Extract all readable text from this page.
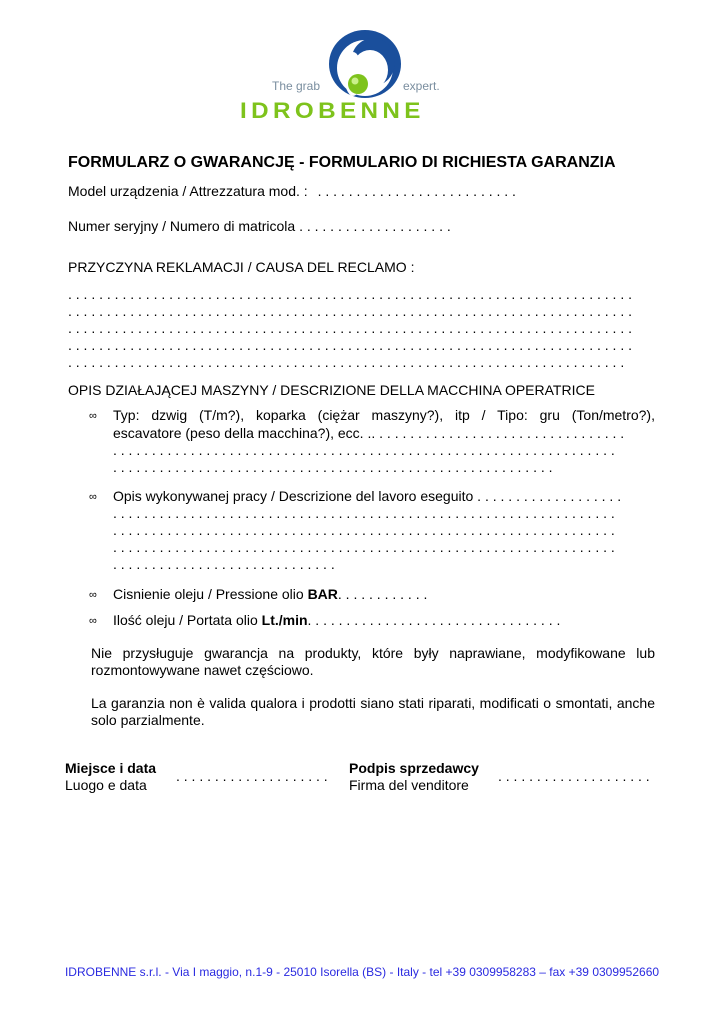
The grab	expert.
IDROBENNE
FORMULARZ O GWARANCJĘ - FORMULARIO DI RICHIESTA GARANZIA
Model urządzenia / Attrezzatura mod. : . . . . . . . . . . . . . . . . . . . . . . . . . .
Numer seryjny / Numero di matricola . . . . . . . . . . . . . . . . . . . .
PRZYCZYNA REKLAMACJI / CAUSA DEL RECLAMO :
. . . . . . . . . . . . . . . . . . . . . . . . . . . . . . . . . . . . . . . . . . . . . . . . . . . . . . . . . . . . . . . . . . . . . . . . .
. . . . . . . . . . . . . . . . . . . . . . . . . . . . . . . . . . . . . . . . . . . . . . . . . . . . . . . . . . . . . . . . . . . . . . . . .
. . . . . . . . . . . . . . . . . . . . . . . . . . . . . . . . . . . . . . . . . . . . . . . . . . . . . . . . . . . . . . . . . . . . . . . . .
. . . . . . . . . . . . . . . . . . . . . . . . . . . . . . . . . . . . . . . . . . . . . . . . . . . . . . . . . . . . . . . . . . . . . . . . .
. . . . . . . . . . . . . . . . . . . . . . . . . . . . . . . . . . . . . . . . . . . . . . . . . . . . . . . . . . . . . . . . . . . . . . . .
OPIS DZIAŁAJĄCEJ MASZYNY / DESCRIZIONE DELLA MACCHINA OPERATRICE
∞ Typ: dzwig (T/m?), koparka (ciężar maszyny?), itp / Tipo: gru (Ton/metro?),
escavatore (peso della macchina?), ecc. .. . . . . . . . . . . . . . . . . . . . . . . . . . . . . . . . .
. . . . . . . . . . . . . . . . . . . . . . . . . . . . . . . . . . . . . . . . . . . . . . . . . . . . . . . . . . . . . . . . .
. . . . . . . . . . . . . . . . . . . . . . . . . . . . . . . . . . . . . . . . . . . . . . . . . . . . . . . . .
∞ Opis wykonywanej pracy / Descrizione del lavoro eseguito . . . . . . . . . . . . . . . . . . .
. . . . . . . . . . . . . . . . . . . . . . . . . . . . . . . . . . . . . . . . . . . . . . . . . . . . . . . . . . . . . . . . .
. . . . . . . . . . . . . . . . . . . . . . . . . . . . . . . . . . . . . . . . . . . . . . . . . . . . . . . . . . . . . . . . .
. . . . . . . . . . . . . . . . . . . . . . . . . . . . . . . . . . . . . . . . . . . . . . . . . . . . . . . . . . . . . . . . .
. . . . . . . . . . . . . . . . . . . . . . . . . . . . .
∞ Cisnienie oleju / Pressione olio BAR. . . . . . . . . . . .
∞ Ilość oleju / Portata olio Lt./min. . . . . . . . . . . . . . . . . . . . . . . . . . . . . . . . .
Nie przysługuje gwarancja na produkty, które były naprawiane, modyfikowane lub rozmontowywane nawet częściowo.
La garanzia non è valida qualora i prodotti siano stati riparati, modificati o smontati, anche solo parzialmente.
Miejsce i data
Luogo e data
. . . . . . . . . . . . . . . . . . . . Podpis sprzedawcy
Firma del venditore
. . . . . . . . . . . . . . . . . . . .
IDROBENNE s.r.l. - Via I maggio, n.1-9 - 25010 Isorella (BS) - Italy - tel +39 0309958283 – fax +39 0309952660
